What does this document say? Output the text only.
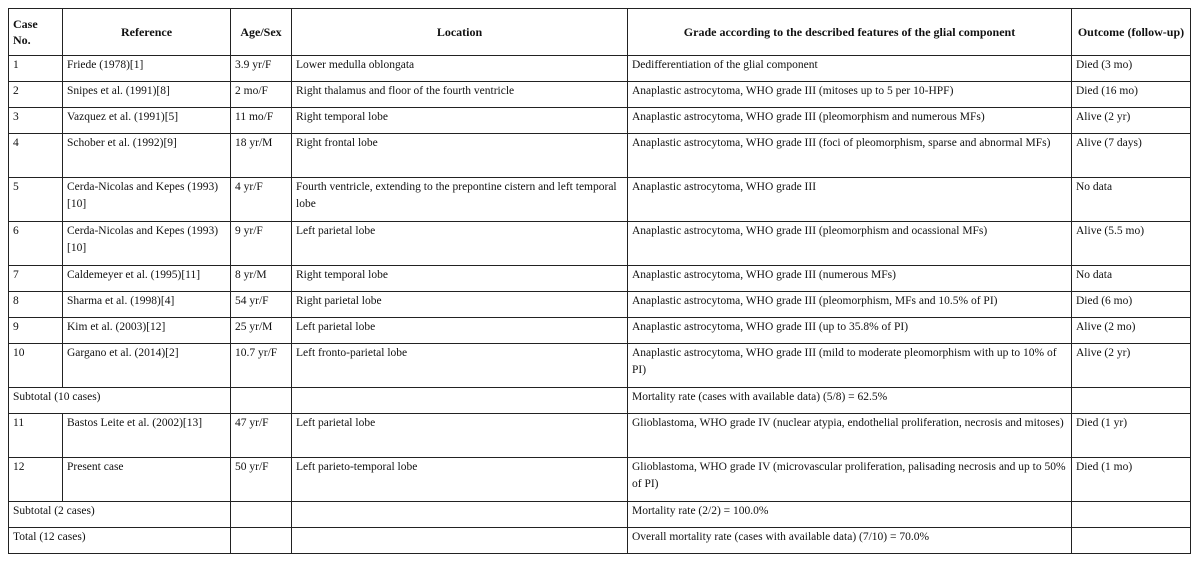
Case No.	Reference	Age/Sex	Location	Grade according to the described features of the glial component	Outcome (follow-up)
1	Friede (1978)[1]	3.9 yr/F	Lower medulla oblongata	Dedifferentiation of the glial component	Died (3 mo)
2	Snipes et al. (1991)[8]	2 mo/F	Right thalamus and floor of the fourth ventricle	Anaplastic astrocytoma, WHO grade III (mitoses up to 5 per 10-HPF)	Died (16 mo)
3	Vazquez et al. (1991)[5]	11 mo/F	Right temporal lobe	Anaplastic astrocytoma, WHO grade III (pleomorphism and numerous MFs)	Alive (2 yr)
4	Schober et al. (1992)[9]	18 yr/M	Right frontal lobe	Anaplastic astrocytoma, WHO grade III (foci of pleomorphism, sparse and abnormal MFs)	Alive (7 days)
5	Cerda-Nicolas and Kepes (1993)[10]	4 yr/F	Fourth ventricle, extending to the prepontine cistern and left temporal lobe	Anaplastic astrocytoma, WHO grade III	No data
6	Cerda-Nicolas and Kepes (1993)[10]	9 yr/F	Left parietal lobe	Anaplastic astrocytoma, WHO grade III (pleomorphism and ocassional MFs)	Alive (5.5 mo)
7	Caldemeyer et al. (1995)[11]	8 yr/M	Right temporal lobe	Anaplastic astrocytoma, WHO grade III (numerous MFs)	No data
8	Sharma et al. (1998)[4]	54 yr/F	Right parietal lobe	Anaplastic astrocytoma, WHO grade III (pleomorphism, MFs and 10.5% of PI)	Died (6 mo)
9	Kim et al. (2003)[12]	25 yr/M	Left parietal lobe	Anaplastic astrocytoma, WHO grade III (up to 35.8% of PI)	Alive (2 mo)
10	Gargano et al. (2014)[2]	10.7 yr/F	Left fronto-parietal lobe	Anaplastic astrocytoma, WHO grade III (mild to moderate pleomorphism with up to 10% of PI)	Alive (2 yr)
Subtotal (10 cases)				Mortality rate (cases with available data) (5/8) = 62.5%	
11	Bastos Leite et al. (2002)[13]	47 yr/F	Left parietal lobe	Glioblastoma, WHO grade IV (nuclear atypia, endothelial proliferation, necrosis and mitoses)	Died (1 yr)
12	Present case	50 yr/F	Left parieto-temporal lobe	Glioblastoma, WHO grade IV (microvascular proliferation, palisading necrosis and up to 50% of PI)	Died (1 mo)
Subtotal (2 cases)				Mortality rate (2/2) = 100.0%	
Total (12 cases)				Overall mortality rate (cases with available data) (7/10) = 70.0%	
